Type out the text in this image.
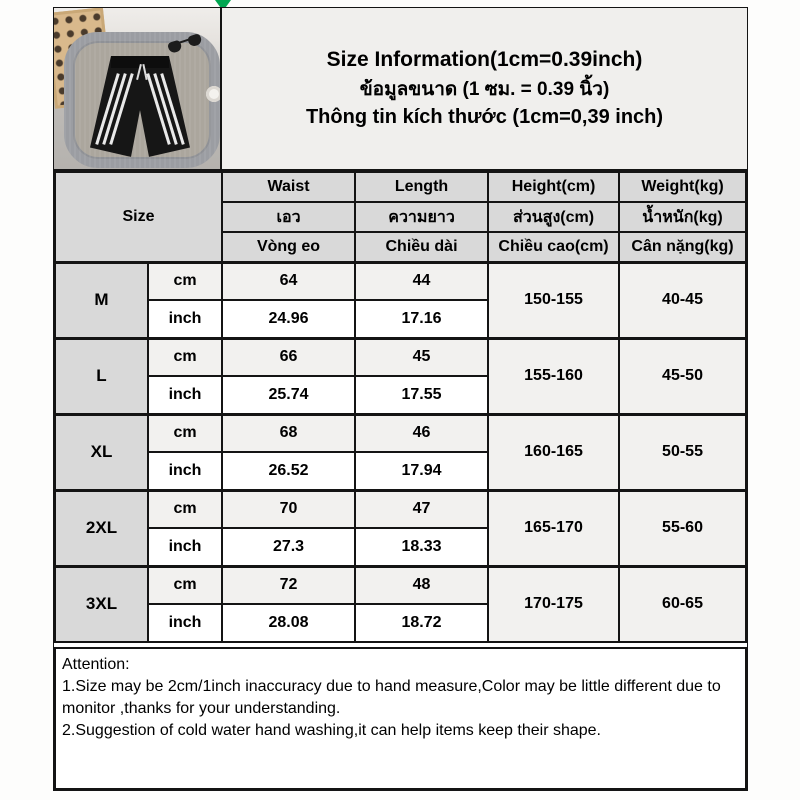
Size Information(1cm=0.39inch)
ข้อมูลขนาด (1 ซม. = 0.39 นิ้ว)
Thông tin kích thước (1cm=0,39 inch)
Size		Waist	Length	Height(cm)	Weight(kg)
		เอว	ความยาว	ส่วนสูง(cm)	น้ำหนัก(kg)
		Vòng eo	Chiều dài	Chiều cao(cm)	Cân nặng(kg)
M	cm	64	44	150-155	40-45
	inch	24.96	17.16		
L	cm	66	45	155-160	45-50
	inch	25.74	17.55		
XL	cm	68	46	160-165	50-55
	inch	26.52	17.94		
2XL	cm	70	47	165-170	55-60
	inch	27.3	18.33		
3XL	cm	72	48	170-175	60-65
	inch	28.08	18.72		

Attention:

1.Size may be 2cm/1inch inaccuracy due to hand measure,Color may be little different due to monitor ,thanks for your understanding.

2.Suggestion of cold water hand washing,it can help items keep their shape.
